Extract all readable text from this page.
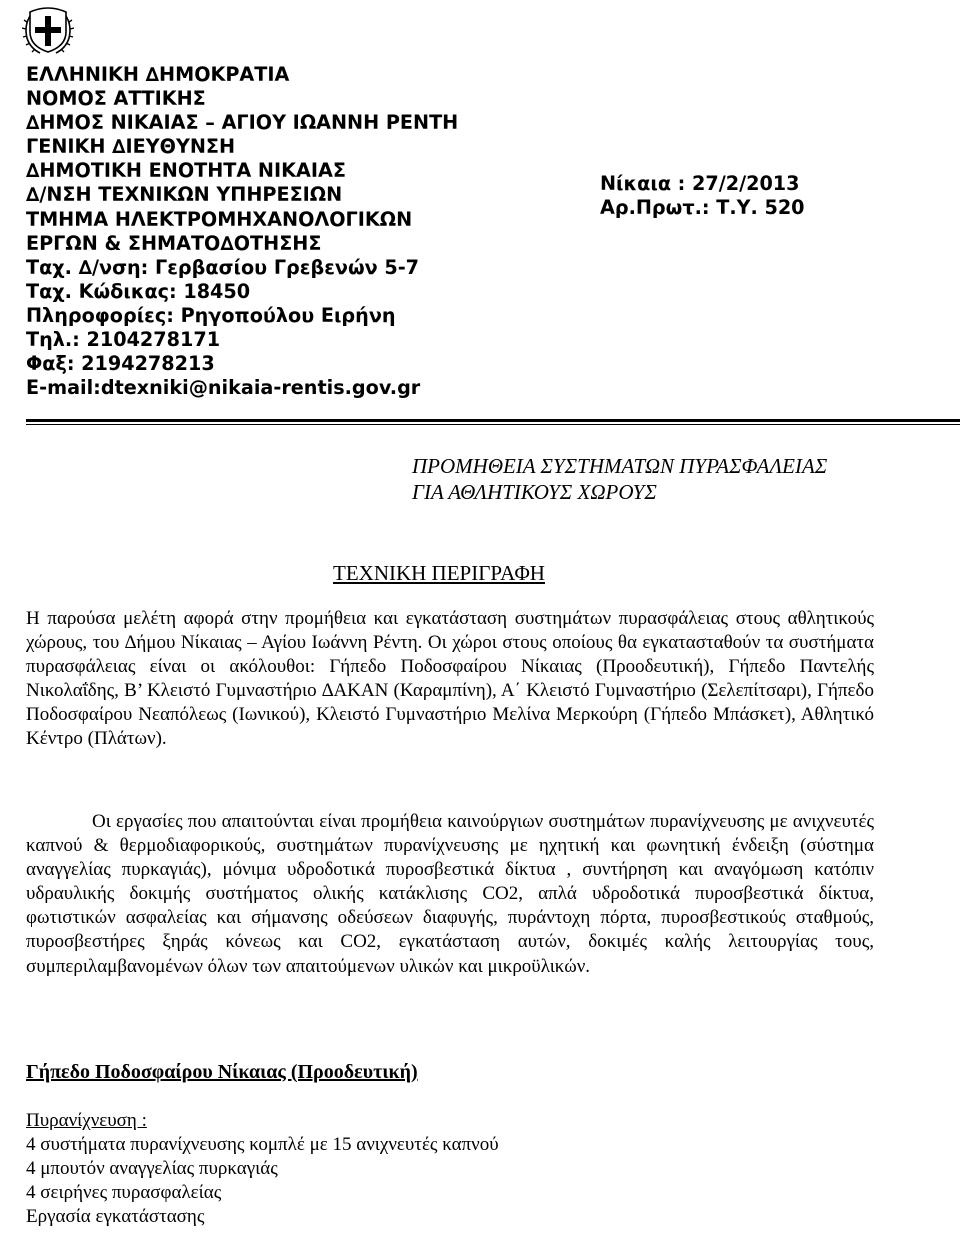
ΕΛΛΗΝΙΚΗ ∆ΗΜΟΚΡΑΤΙΑ
ΝΟΜΟΣ ΑΤΤΙΚΗΣ
∆ΗΜΟΣ ΝΙΚΑΙΑΣ – ΑΓΙΟΥ ΙΩΑΝΝΗ ΡΕΝΤΗ
ΓΕΝΙΚΗ ∆ΙΕΥΘΥΝΣΗ
∆ΗΜΟΤΙΚΗ ΕΝΟΤΗΤΑ ΝΙΚΑΙΑΣ
∆/ΝΣΗ ΤΕΧΝΙΚΩΝ ΥΠΗΡΕΣΙΩΝ
ΤΜΗΜΑ ΗΛΕΚΤΡΟΜΗΧΑΝΟΛΟΓΙΚΩΝ
ΕΡΓΩΝ & ΣΗΜΑΤΟ∆ΟΤΗΣΗΣ
Ταχ. ∆/νση: Γερβασίου Γρεβενών 5-7
Ταχ. Κώδικας: 18450
Πληροφορίες: Ρηγοπούλου Ειρήνη
Τηλ.: 2104278171
Φαξ: 2194278213
E-mail:dtexniki@nikaia-rentis.gov.gr
Νίκαια : 27/2/2013
Αρ.Πρωτ.: Τ.Υ. 520
ΠΡΟΜΗΘΕΙΑ ΣΥΣΤΗΜΑΤΩΝ ΠΥΡΑΣΦΑΛΕΙΑΣ
ΓΙΑ ΑΘΛΗΤΙΚΟΥΣ ΧΩΡΟΥΣ
ΤΕΧΝΙΚΗ ΠΕΡΙΓΡΑΦΗ

Η παρούσα μελέτη αφορά στην προμήθεια και εγκατάσταση συστημάτων πυρασφάλειας στους αθλητικούς χώρους, του ∆ήμου Νίκαιας – Αγίου Ιωάννη Ρέντη. Οι χώροι στους οποίους θα εγκατασταθούν τα συστήματα πυρασφάλειας είναι οι ακόλουθοι: Γήπεδο Ποδοσφαίρου Νίκαιας (Προοδευτική), Γήπεδο Παντελής Νικολαΐδης, Β’ Κλειστό Γυμναστήριο ∆ΑΚΑΝ (Καραμπίνη), Α΄ Κλειστό Γυμναστήριο (Σελεπίτσαρι), Γήπεδο Ποδοσφαίρου Νεαπόλεως (Ιωνικού), Κλειστό Γυμναστήριο Μελίνα Μερκούρη (Γήπεδο Μπάσκετ), Αθλητικό Κέντρο (Πλάτων).

Οι εργασίες που απαιτούνται είναι προμήθεια καινούργιων συστημάτων πυρανίχνευσης με ανιχνευτές καπνού & θερμοδιαφορικούς, συστημάτων πυρανίχνευσης με ηχητική και φωνητική ένδειξη (σύστημα αναγγελίας πυρκαγιάς), μόνιμα υδροδοτικά πυροσβεστικά δίκτυα , συντήρηση και αναγόμωση κατόπιν υδραυλικής δοκιμής συστήματος ολικής κατάκλισης CO2, απλά υδροδοτικά πυροσβεστικά δίκτυα, φωτιστικών ασφαλείας και σήμανσης οδεύσεων διαφυγής, πυράντοχη πόρτα, πυροσβεστικούς σταθμούς, πυροσβεστήρες ξηράς κόνεως και CO2, εγκατάσταση αυτών, δοκιμές καλής λειτουργίας τους, συμπεριλαμβανομένων όλων των απαιτούμενων υλικών και μικροϋλικών.

Γήπεδο Ποδοσφαίρου Νίκαιας (Προοδευτική)
Πυρανίχνευση :
4 συστήματα πυρανίχνευσης κομπλέ με 15 ανιχνευτές καπνού
4 μπουτόν αναγγελίας πυρκαγιάς
4 σειρήνες πυρασφαλείας
Εργασία εγκατάστασης
